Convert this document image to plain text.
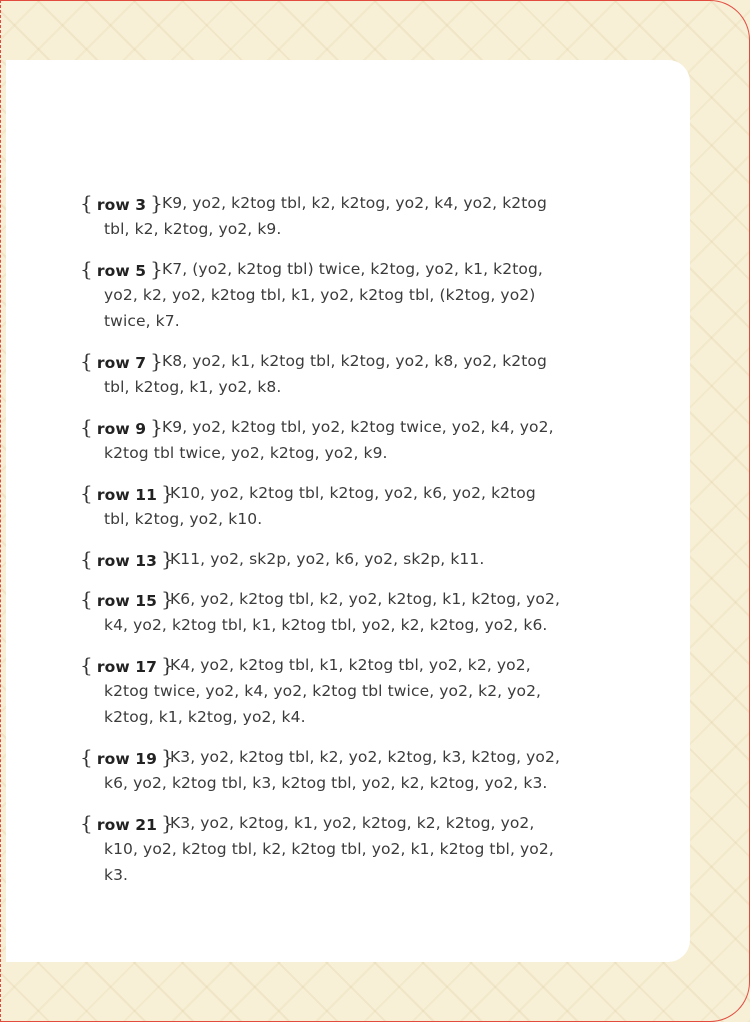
{ row 3 } K9, yo2, k2tog tbl, k2, k2tog, yo2, k4, yo2, k2tog tbl, k2, k2tog, yo2, k9.
{ row 5 } K7, (yo2, k2tog tbl) twice, k2tog, yo2, k1, k2tog, yo2, k2, yo2, k2tog tbl, k1, yo2, k2tog tbl, (k2tog, yo2) twice, k7.
{ row 7 } K8, yo2, k1, k2tog tbl, k2tog, yo2, k8, yo2, k2tog tbl, k2tog, k1, yo2, k8.
{ row 9 } K9, yo2, k2tog tbl, yo2, k2tog twice, yo2, k4, yo2, k2tog tbl twice, yo2, k2tog, yo2, k9.
{ row 11 }
K10, yo2, k2tog tbl, k2tog, yo2, k6, yo2, k2tog tbl, k2tog, yo2, k10.
{ row 13 }
K11, yo2, sk2p, yo2, k6, yo2, sk2p, k11.
{ row 15 }
K6, yo2, k2tog tbl, k2, yo2, k2tog, k1, k2tog, yo2, k4, yo2, k2tog tbl, k1, k2tog tbl, yo2, k2, k2tog, yo2, k6.
{ row 17 }
K4, yo2, k2tog tbl, k1, k2tog tbl, yo2, k2, yo2, k2tog twice, yo2, k4, yo2, k2tog tbl twice, yo2, k2, yo2, k2tog, k1, k2tog, yo2, k4.
{ row 19 }
K3, yo2, k2tog tbl, k2, yo2, k2tog, k3, k2tog, yo2, k6, yo2, k2tog tbl, k3, k2tog tbl, yo2, k2, k2tog, yo2, k3.
{ row 21 }
K3, yo2, k2tog, k1, yo2, k2tog, k2, k2tog, yo2, k10, yo2, k2tog tbl, k2, k2tog tbl, yo2, k1, k2tog tbl, yo2, k3.
